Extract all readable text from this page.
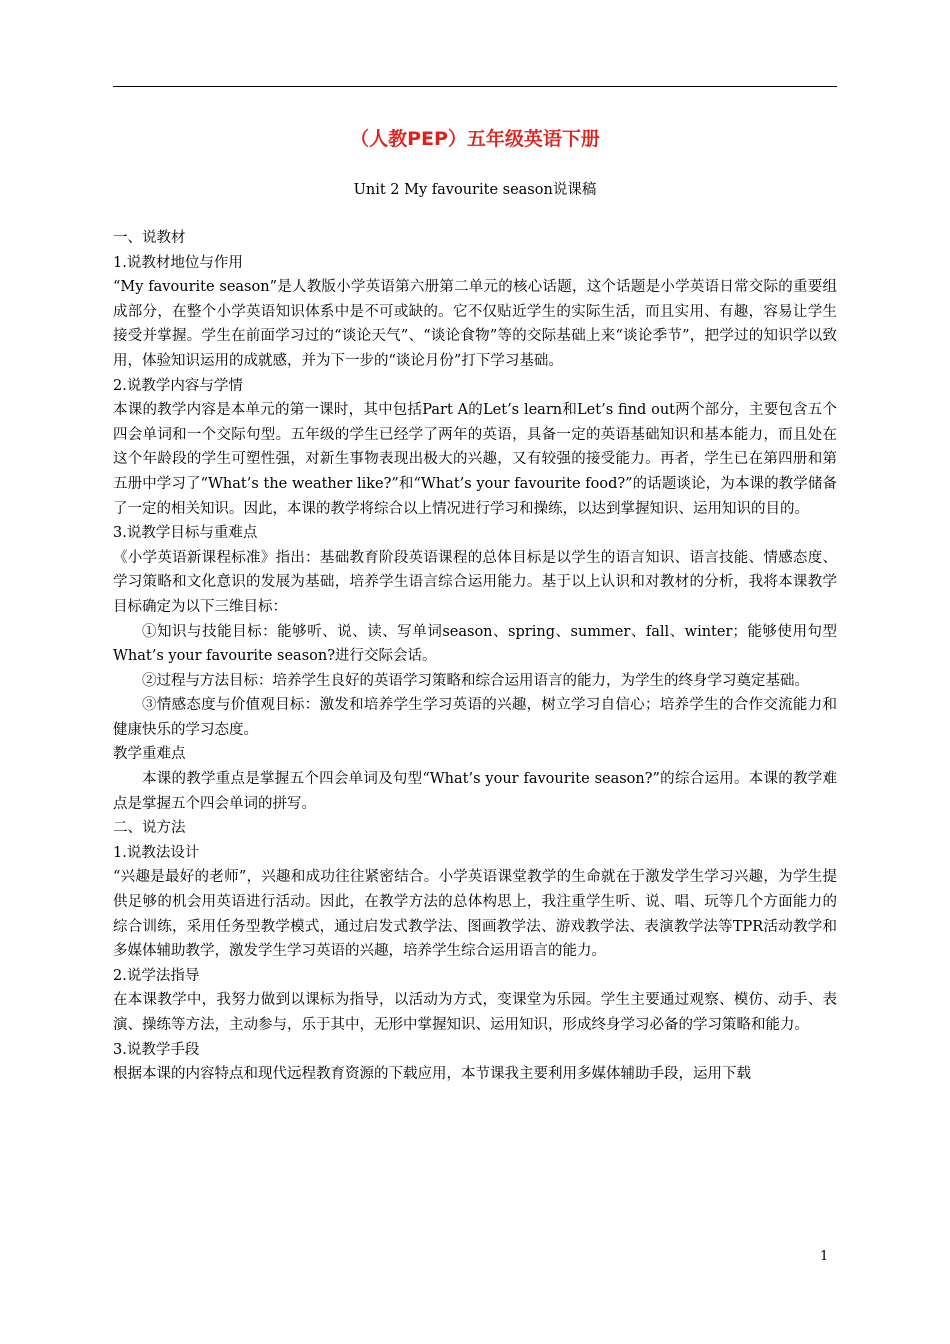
（人教PEP）五年级英语下册
Unit 2 My favourite season说课稿

一、说教材

1.说教材地位与作用

“My favourite season”是人教版小学英语第六册第二单元的核心话题，这个话题是小学英语日常交际的重要组成部分，在整个小学英语知识体系中是不可或缺的。它不仅贴近学生的实际生活，而且实用、有趣，容易让学生接受并掌握。学生在前面学习过的“谈论天气”、“谈论食物”等的交际基础上来“谈论季节”，把学过的知识学以致用，体验知识运用的成就感，并为下一步的“谈论月份”打下学习基础。

2.说教学内容与学情

本课的教学内容是本单元的第一课时，其中包括Part A的Let’s learn和Let’s find out两个部分，主要包含五个四会单词和一个交际句型。五年级的学生已经学了两年的英语，具备一定的英语基础知识和基本能力，而且处在这个年龄段的学生可塑性强，对新生事物表现出极大的兴趣，又有较强的接受能力。再者，学生已在第四册和第五册中学习了“What’s the weather like?”和“What’s your favourite food?”的话题谈论，为本课的教学储备了一定的相关知识。因此，本课的教学将综合以上情况进行学习和操练，以达到掌握知识、运用知识的目的。

3.说教学目标与重难点

《小学英语新课程标准》指出：基础教育阶段英语课程的总体目标是以学生的语言知识、语言技能、情感态度、学习策略和文化意识的发展为基础，培养学生语言综合运用能力。基于以上认识和对教材的分析，我将本课教学目标确定为以下三维目标：

①知识与技能目标：能够听、说、读、写单词season、spring、summer、fall、winter；能够使用句型What’s your favourite season?进行交际会话。

②过程与方法目标：培养学生良好的英语学习策略和综合运用语言的能力，为学生的终身学习奠定基础。

③情感态度与价值观目标：激发和培养学生学习英语的兴趣，树立学习自信心；培养学生的合作交流能力和健康快乐的学习态度。

教学重难点

本课的教学重点是掌握五个四会单词及句型“What’s your favourite season?”的综合运用。本课的教学难点是掌握五个四会单词的拼写。

二、说方法

1.说教法设计

“兴趣是最好的老师”，兴趣和成功往往紧密结合。小学英语课堂教学的生命就在于激发学生学习兴趣，为学生提供足够的机会用英语进行活动。因此，在教学方法的总体构思上，我注重学生听、说、唱、玩等几个方面能力的综合训练，采用任务型教学模式，通过启发式教学法、图画教学法、游戏教学法、表演教学法等TPR活动教学和多媒体辅助教学，激发学生学习英语的兴趣，培养学生综合运用语言的能力。

2.说学法指导

在本课教学中，我努力做到以课标为指导，以活动为方式，变课堂为乐园。学生主要通过观察、模仿、动手、表演、操练等方法，主动参与，乐于其中，无形中掌握知识、运用知识，形成终身学习必备的学习策略和能力。

3.说教学手段

根据本课的内容特点和现代远程教育资源的下载应用，本节课我主要利用多媒体辅助手段，运用下载

1
